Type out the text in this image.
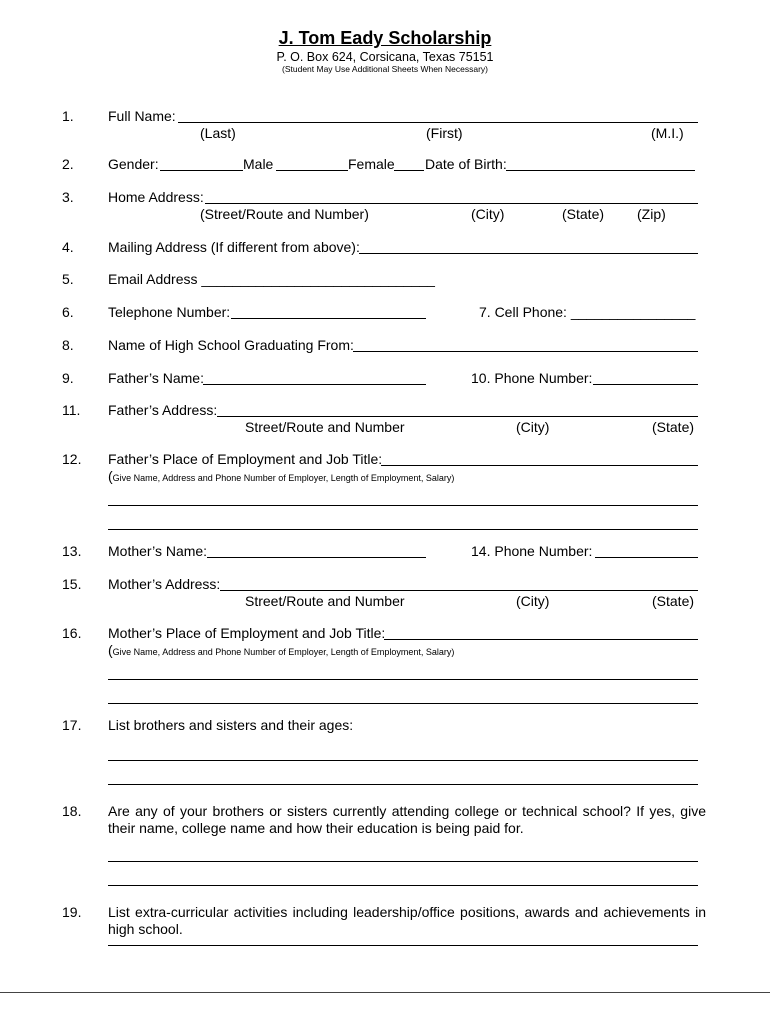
J. Tom Eady Scholarship
P. O. Box 624, Corsicana, Texas 75151
(Student May Use Additional Sheets When Necessary)
1. Full Name:
(Last)	(First)	(M.I.)
2. Gender:	Male	Female Date of Birth:
3. Home Address:
(Street/Route and Number)	(City)	(State) (Zip)
4. Mailing Address (If different from above):
5. Email Address ______________________________
6. Telephone Number:	7. Cell Phone: ________________
8. Name of High School Graduating From:
9. Father’s Name:	10. Phone Number:
11. Father’s Address:
Street/Route and Number	(City)	(State)
12. Father’s Place of Employment and Job Title:
(Give Name, Address and Phone Number of Employer, Length of Employment, Salary)
13. Mother’s Name:	14. Phone Number:
15. Mother’s Address:
Street/Route and Number	(City)	(State)
16. Mother’s Place of Employment and Job Title:
(Give Name, Address and Phone Number of Employer, Length of Employment, Salary)
17. List brothers and sisters and their ages:
18. Are any of your brothers or sisters currently attending college or technical school? If yes, give their name, college name and how their education is being paid for.
19. List extra-curricular activities including leadership/office positions, awards and achievements in high school.
